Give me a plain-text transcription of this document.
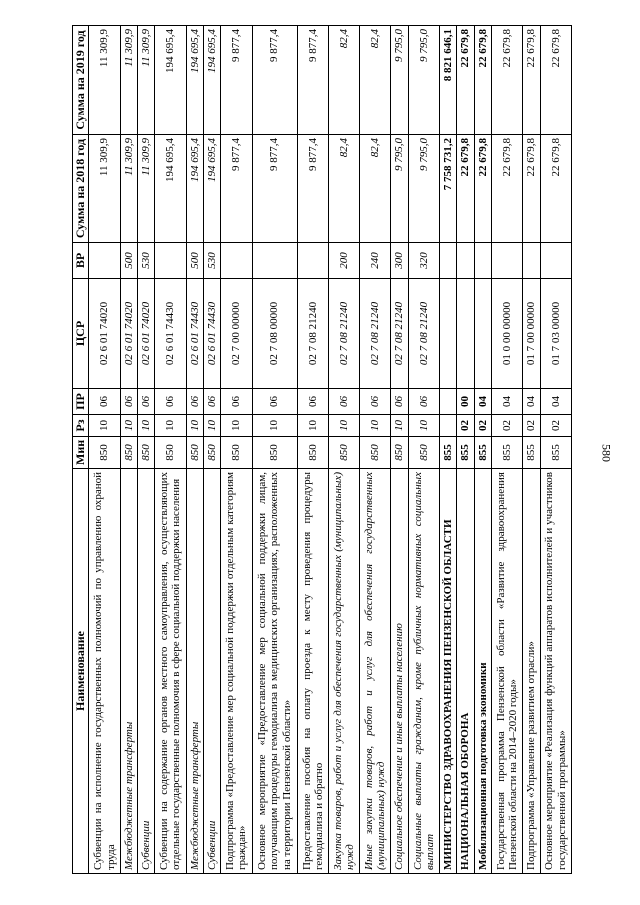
580
Наименование	Мин	Рз	ПР	ЦСР	ВР	Сумма на 2018 год	Сумма на 2019 год
Субвенции на исполнение государственных полномочий по управлению охраной труда	850	10	06	02 6 01 74020		11 309,9	11 309,9
Межбюджетные трансферты	850	10	06	02 6 01 74020	500	11 309,9	11 309,9
Субвенции	850	10	06	02 6 01 74020	530	11 309,9	11 309,9
Субвенции на содержание органов местного самоуправления, осуществляющих отдельные государственные полномочия в сфере социальной поддержки населения	850	10	06	02 6 01 74430		194 695,4	194 695,4
Межбюджетные трансферты	850	10	06	02 6 01 74430	500	194 695,4	194 695,4
Субвенции	850	10	06	02 6 01 74430	530	194 695,4	194 695,4
Подпрограмма «Предоставление мер социальной поддержки отдельным категориям граждан»	850	10	06	02 7 00 00000		9 877,4	9 877,4
Основное мероприятие «Предоставление мер социальной поддержки лицам, получающим процедуры гемодиализа в медицинских организациях, расположенных на территории Пензенской области»	850	10	06	02 7 08 00000		9 877,4	9 877,4
Предоставление пособия на оплату проезда к месту проведения процедуры гемодиализа и обратно	850	10	06	02 7 08 21240		9 877,4	9 877,4
Закупка товаров, работ и услуг для обеспечения государственных (муниципальных) нужд	850	10	06	02 7 08 21240	200	82,4	82,4
Иные закупки товаров, работ и услуг для обеспечения государственных (муниципальных) нужд	850	10	06	02 7 08 21240	240	82,4	82,4
Социальное обеспечение и иные выплаты населению	850	10	06	02 7 08 21240	300	9 795,0	9 795,0
Социальные выплаты гражданам, кроме публичных нормативных социальных выплат	850	10	06	02 7 08 21240	320	9 795,0	9 795,0
МИНИСТЕРСТВО ЗДРАВООХРАНЕНИЯ ПЕНЗЕНСКОЙ ОБЛАСТИ	855					7 758 731,2	8 821 646,1
НАЦИОНАЛЬНАЯ ОБОРОНА	855	02	00			22 679,8	22 679,8
Мобилизационная подготовка экономики	855	02	04			22 679,8	22 679,8
Государственная программа Пензенской области «Развитие здравоохранения Пензенской области на 2014–2020 годы»	855	02	04	01 0 00 00000		22 679,8	22 679,8
Подпрограмма «Управление развитием отрасли»	855	02	04	01 7 00 00000		22 679,8	22 679,8
Основное мероприятие «Реализация функций аппаратов исполнителей и участников государственной программы»	855	02	04	01 7 03 00000		22 679,8	22 679,8
